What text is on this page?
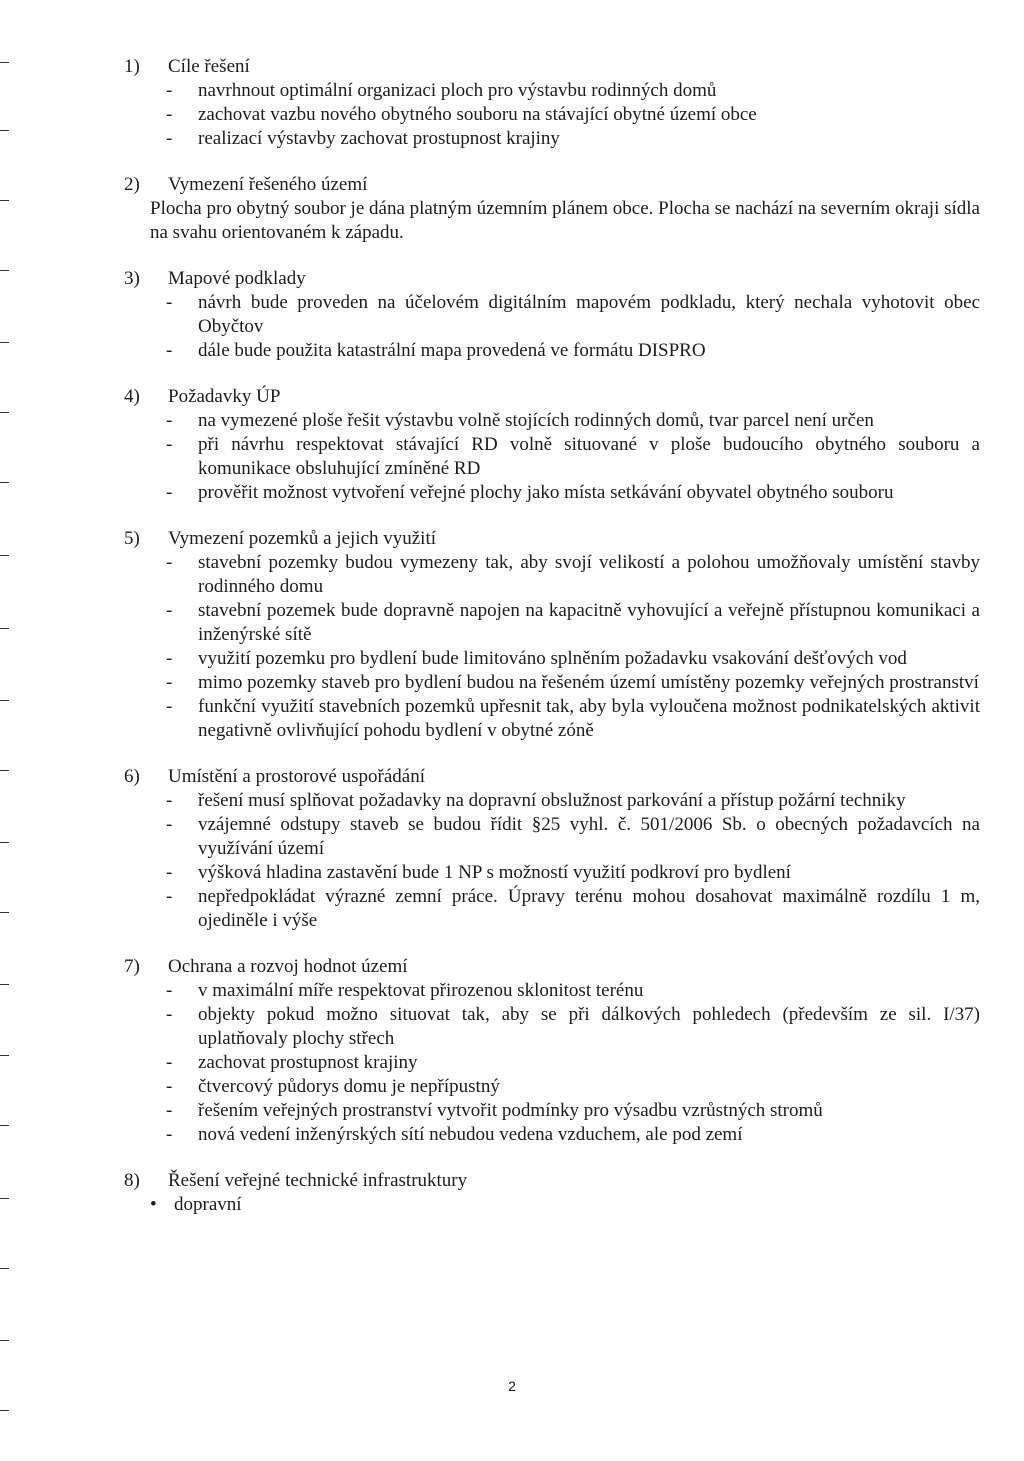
1) Cíle řešení
- navrhnout optimální organizaci ploch pro výstavbu rodinných domů
- zachovat vazbu nového obytného souboru na stávající obytné území obce
- realizací výstavby zachovat prostupnost krajiny
2) Vymezení řešeného území
Plocha pro obytný soubor je dána platným územním plánem obce. Plocha se nachází na severním okraji sídla na svahu orientovaném k západu.
3) Mapové podklady
- návrh bude proveden na účelovém digitálním mapovém podkladu, který nechala vyhotovit obec Obyčtov
- dále bude použita katastrální mapa provedená ve formátu DISPRO
4) Požadavky ÚP
- na vymezené ploše řešit výstavbu volně stojících rodinných domů, tvar parcel není určen
- při návrhu respektovat stávající RD volně situované v ploše budoucího obytného souboru a komunikace obsluhující zmíněné RD
- prověřit možnost vytvoření veřejné plochy jako místa setkávání obyvatel obytného souboru
5) Vymezení pozemků a jejich využití
- stavební pozemky budou vymezeny tak, aby svojí velikostí a polohou umožňovaly umístění stavby rodinného domu
- stavební pozemek bude dopravně napojen na kapacitně vyhovující a veřejně přístupnou komunikaci a inženýrské sítě
- využití pozemku pro bydlení bude limitováno splněním požadavku vsakování dešťových vod
- mimo pozemky staveb pro bydlení budou na řešeném území umístěny pozemky veřejných prostranství
- funkční využití stavebních pozemků upřesnit tak, aby byla vyloučena možnost podnikatelských aktivit negativně ovlivňující pohodu bydlení v obytné zóně
6) Umístění a prostorové uspořádání
- řešení musí splňovat požadavky na dopravní obslužnost parkování a přístup požární techniky
- vzájemné odstupy staveb se budou řídit §25 vyhl. č. 501/2006 Sb. o obecných požadavcích na využívání území
- výšková hladina zastavění bude 1 NP s možností využití podkroví pro bydlení
- nepředpokládat výrazné zemní práce. Úpravy terénu mohou dosahovat maximálně rozdílu 1 m, ojediněle i výše
7) Ochrana a rozvoj hodnot území
- v maximální míře respektovat přirozenou sklonitost terénu
- objekty pokud možno situovat tak, aby se při dálkových pohledech (především ze sil. I/37) uplatňovaly plochy střech
- zachovat prostupnost krajiny
- čtvercový půdorys domu je nepřípustný
- řešením veřejných prostranství vytvořit podmínky pro výsadbu vzrůstných stromů
- nová vedení inženýrských sítí nebudou vedena vzduchem, ale pod zemí
8) Řešení veřejné technické infrastruktury
• dopravní
2
